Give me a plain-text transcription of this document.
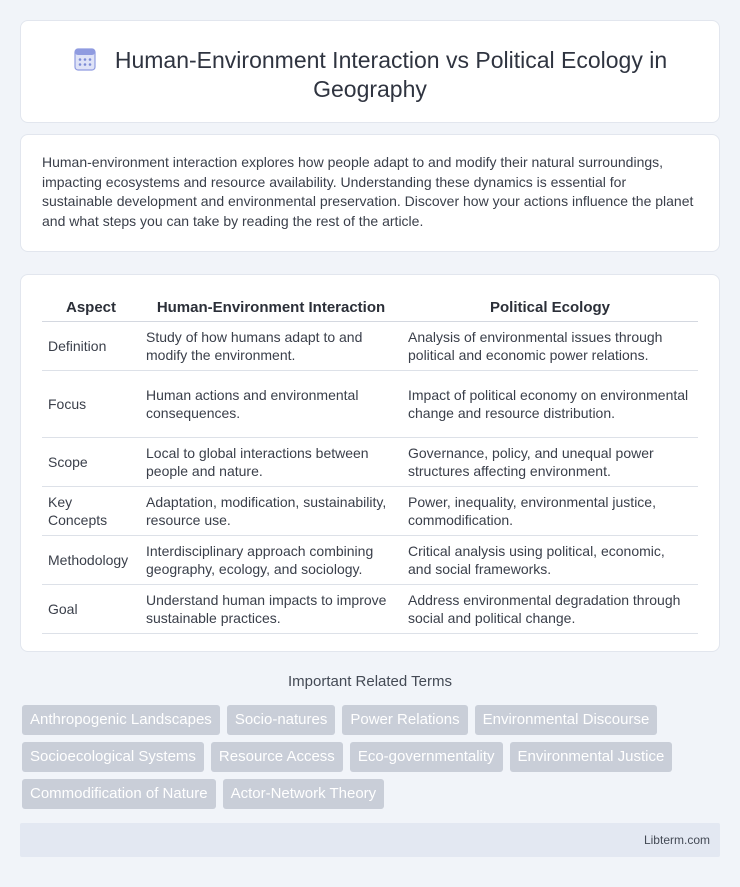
Human-Environment Interaction vs Political Ecology in Geography

Human-environment interaction explores how people adapt to and modify their natural surroundings, impacting ecosystems and resource availability. Understanding these dynamics is essential for sustainable development and environmental preservation. Discover how your actions influence the planet and what steps you can take by reading the rest of the article.

Aspect	Human-Environment Interaction	Political Ecology
Definition	Study of how humans adapt to and modify the environment.	Analysis of environmental issues through political and economic power relations.
Focus	Human actions and environmental consequences.	Impact of political economy on environmental change and resource distribution.
Scope	Local to global interactions between people and nature.	Governance, policy, and unequal power structures affecting environment.
Key Concepts	Adaptation, modification, sustainability, resource use.	Power, inequality, environmental justice, commodification.
Methodology	Interdisciplinary approach combining geography, ecology, and sociology.	Critical analysis using political, economic, and social frameworks.
Goal	Understand human impacts to improve sustainable practices.	Address environmental degradation through social and political change.
Important Related Terms
Anthropogenic Landscapes	Socio-natures	Power Relations	Environmental Discourse
Socioecological Systems	Resource Access	Eco-governmentality	Environmental Justice
Commodification of Nature	Actor-Network Theory
Libterm.com
